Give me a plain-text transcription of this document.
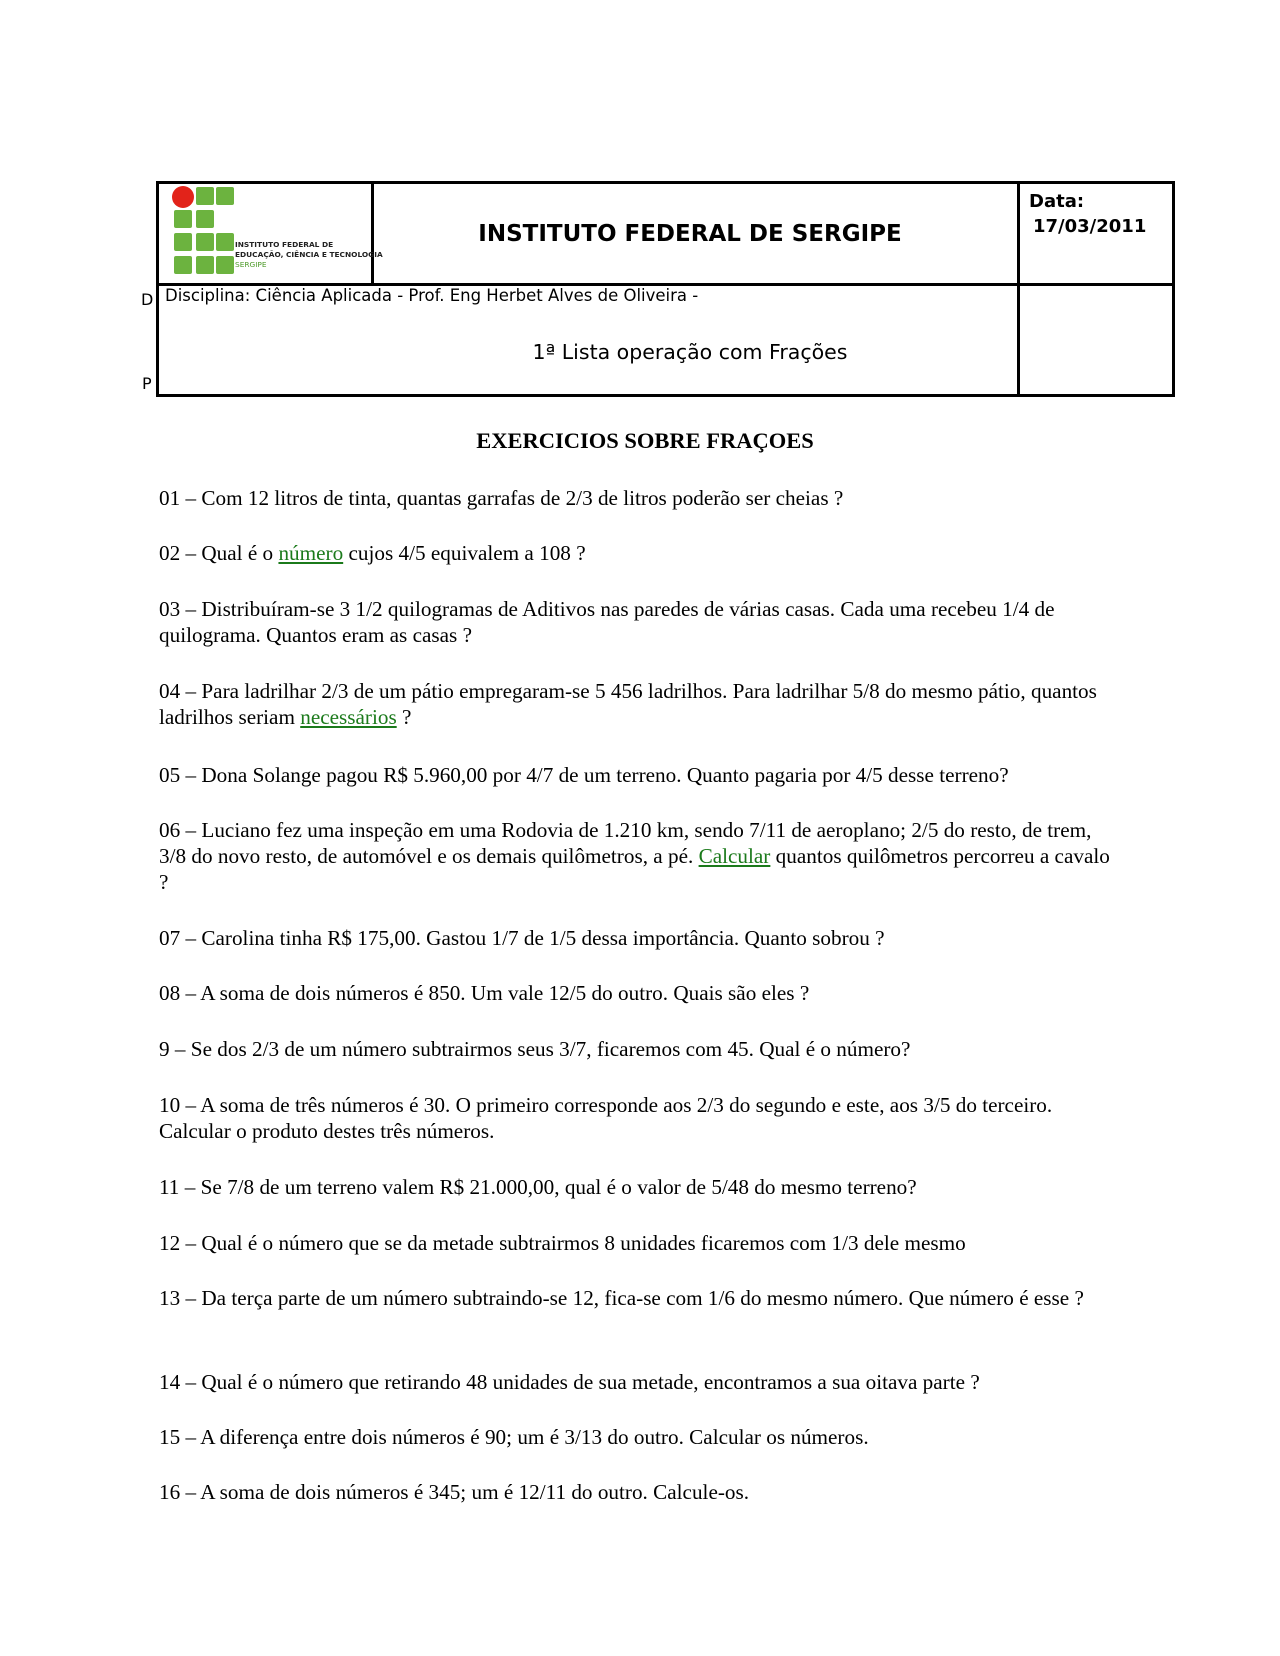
D
P
INSTITUTO FEDERAL DE
EDUCAÇÃO, CIÊNCIA E TECNOLOGIA
SERGIPE
INSTITUTO FEDERAL DE SERGIPE
Data:
17/03/2011
Disciplina: Ciência Aplicada - Prof. Eng Herbet Alves de Oliveira -
1ª Lista operação com Frações
EXERCICIOS SOBRE FRAÇOES
01 – Com 12 litros de tinta, quantas garrafas de 2/3 de litros poderão ser cheias ?
02 – Qual é o número cujos 4/5 equivalem a 108 ?
03 – Distribuíram-se 3 1/2 quilogramas de Aditivos nas paredes de várias casas. Cada uma recebeu 1/4 de quilograma. Quantos eram as casas ?
04 – Para ladrilhar 2/3 de um pátio empregaram-se 5 456 ladrilhos. Para ladrilhar 5/8 do mesmo pátio, quantos ladrilhos seriam necessários ?
05 – Dona Solange pagou R$ 5.960,00 por 4/7 de um terreno. Quanto pagaria por 4/5 desse terreno?
06 – Luciano fez uma inspeção em uma Rodovia de 1.210 km, sendo 7/11 de aeroplano; 2/5 do resto, de trem, 3/8 do novo resto, de automóvel e os demais quilômetros, a pé. Calcular quantos quilômetros percorreu a cavalo ?
07 – Carolina tinha R$ 175,00. Gastou 1/7 de 1/5 dessa importância. Quanto sobrou ?
08 – A soma de dois números é 850. Um vale 12/5 do outro. Quais são eles ?
9 – Se dos 2/3 de um número subtrairmos seus 3/7, ficaremos com 45. Qual é o número?
10 – A soma de três números é 30. O primeiro corresponde aos 2/3 do segundo e este, aos 3/5 do terceiro. Calcular o produto destes três números.
11 – Se 7/8 de um terreno valem R$ 21.000,00, qual é o valor de 5/48 do mesmo terreno?
12 – Qual é o número que se da metade subtrairmos 8 unidades ficaremos com 1/3 dele mesmo
13 – Da terça parte de um número subtraindo-se 12, fica-se com 1/6 do mesmo número. Que número é esse ?
14 – Qual é o número que retirando 48 unidades de sua metade, encontramos a sua oitava parte ?
15 – A diferença entre dois números é 90; um é 3/13 do outro. Calcular os números.
16 – A soma de dois números é 345; um é 12/11 do outro. Calcule-os.
